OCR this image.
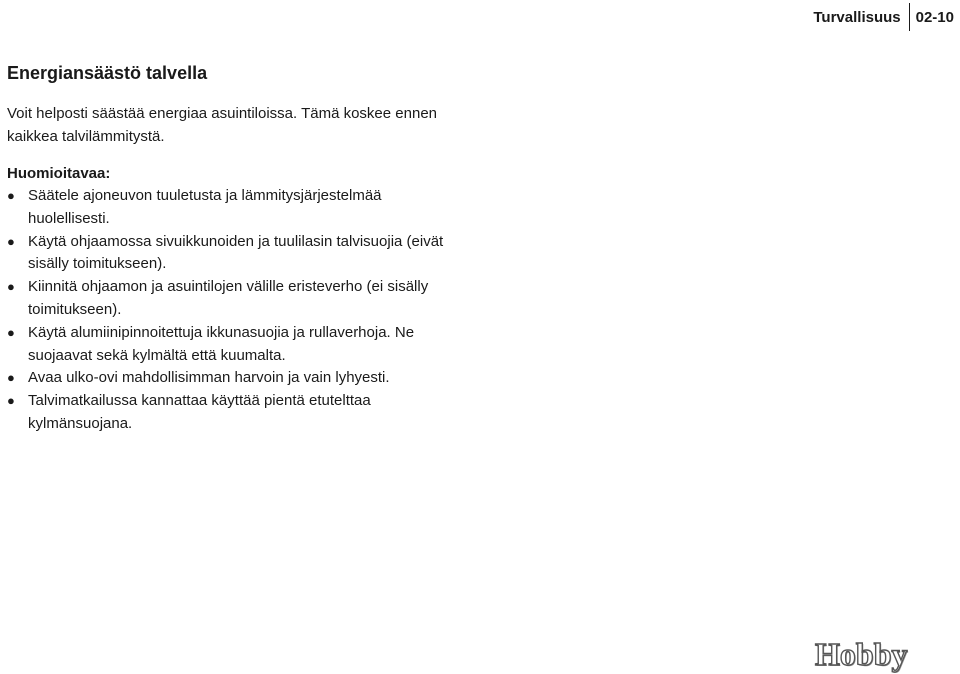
Turvallisuus	02-10
Energiansäästö talvella

Voit helposti säästää energiaa asuintiloissa. Tämä koskee ennen kaikkea talvilämmitystä.

Huomioitavaa:
● Säätele ajoneuvon tuuletusta ja lämmitysjärjestelmää huolellisesti.
● Käytä ohjaamossa sivuikkunoiden ja tuulilasin talvisuojia (eivät sisälly toimitukseen).
● Kiinnitä ohjaamon ja asuintilojen välille eristeverho (ei sisälly toimitukseen).
● Käytä alumiinipinnoitettuja ikkunasuojia ja rullaverhoja. Ne suojaavat sekä kylmältä että kuumalta.
● Avaa ulko-ovi mahdollisimman harvoin ja vain lyhyesti.
● Talvimatkailussa kannattaa käyttää pientä etutelttaa kylmänsuojana.
Hobby
